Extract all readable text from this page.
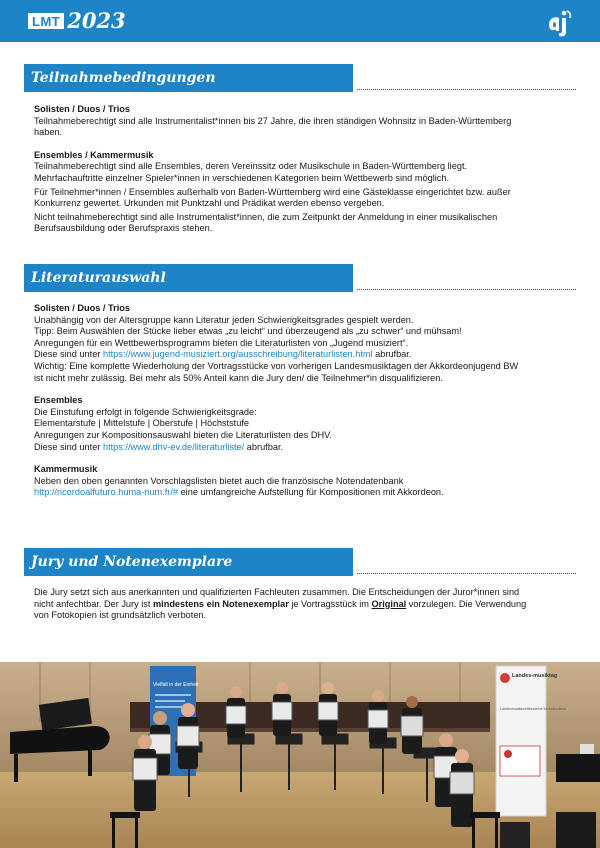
LMT 2023
Teilnahmebedingungen

Solisten / Duos / Trios

Teilnahmeberechtigt sind alle Instrumentalist*innen bis 27 Jahre, die ihren ständigen Wohnsitz in Baden-Württemberg

haben.

Ensembles / Kammermusik

Teilnahmeberechtigt sind alle Ensembles, deren Vereinssitz oder Musikschule in Baden-Württemberg liegt.

Mehrfachauftritte einzelner Spieler*innen in verschiedenen Kategorien beim Wettbewerb sind möglich.

Für Teilnehmer*innen / Ensembles außerhalb von Baden-Württemberg wird eine Gästeklasse eingerichtet bzw. außer

Konkurrenz gewertet. Urkunden mit Punktzahl und Prädikat werden ebenso vergeben.

Nicht teilnahmeberechtigt sind alle Instrumentalist*innen, die zum Zeitpunkt der Anmeldung in einer musikalischen

Berufsausbildung oder Berufspraxis stehen.

Literaturauswahl

Solisten / Duos / Trios

Unabhängig von der Altersgruppe kann Literatur jeden Schwierigkeitsgrades gespielt werden.

Tipp: Beim Auswählen der Stücke lieber etwas „zu leicht“ und überzeugend als „zu schwer“ und mühsam!

Anregungen für ein Wettbewerbsprogramm bieten die Literaturlisten von „Jugend musiziert“.

Diese sind unter https://www.jugend-musiziert.org/ausschreibung/literaturlisten.html abrufbar.

Wichtig: Eine komplette Wiederholung der Vortragsstücke von vorherigen Landesmusiktagen der Akkordeonjugend BW

ist nicht mehr zulässig. Bei mehr als 50% Anteil kann die Jury den/ die Teilnehmer*in disqualifizieren.

Ensembles

Die Einstufung erfolgt in folgende Schwierigkeitsgrade:

Elementarstufe | Mittelstufe | Oberstufe | Höchststufe

Anregungen zur Kompositionsauswahl bieten die Literaturlisten des DHV.

Diese sind unter https://www.dhv-ev.de/literaturliste/ abrufbar.

Kammermusik

Neben den oben genannten Vorschlagslisten bietet auch die französische Notendatenbank

http://ricordoalfuturo.huma-num.fr/# eine umfangreiche Aufstellung für Kompositionen mit Akkordeon.

Jury und Notenexemplare

Die Jury setzt sich aus anerkannten und qualifizierten Fachleuten zusammen. Die Entscheidungen der Juror*innen sind

nicht anfechtbar. Der Jury ist mindestens ein Notenexemplar je Vortragsstück im Original vorzulegen. Die Verwendung

von Fotokopien ist grundsätzlich verboten.

Vielfalt in der Einheit
Landes-musiktag
Landesmusiktwettbewerbe für Akkordeon
